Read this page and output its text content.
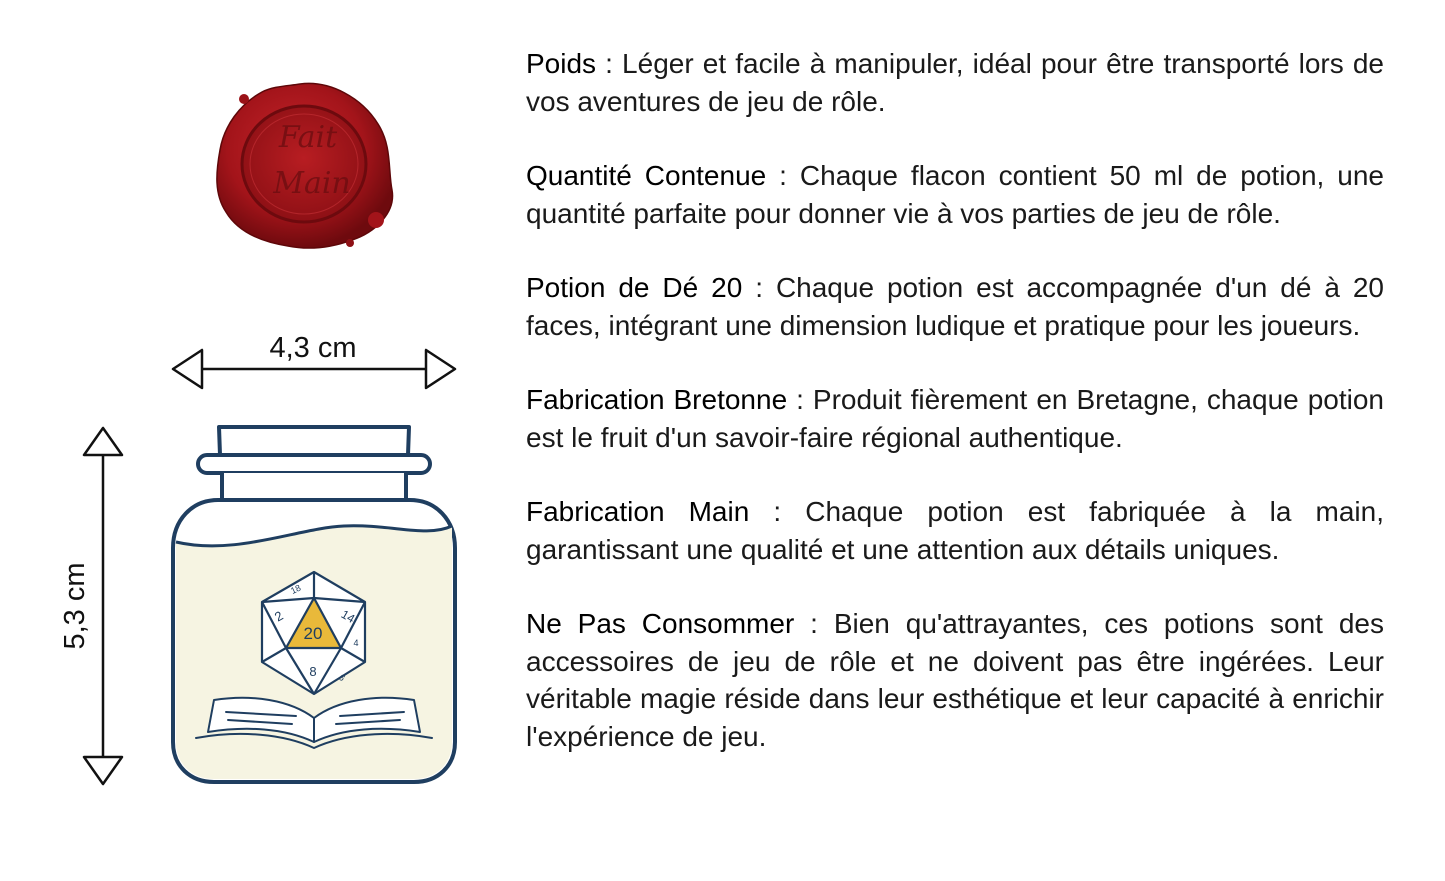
Fait
Main
4,3 cm
5,3 cm	20
2	14
8
18
6
4

Poids : Léger et facile à manipuler, idéal pour être transporté lors de vos aventures de jeu de rôle.

Quantité Contenue : Chaque flacon contient 50 ml de potion, une quantité parfaite pour donner vie à vos parties de jeu de rôle.

Potion de Dé 20 : Chaque potion est accompagnée d'un dé à 20 faces, intégrant une dimension ludique et pratique pour les joueurs.

Fabrication Bretonne : Produit fièrement en Bretagne, chaque potion est le fruit d'un savoir-faire régional authentique.

Fabrication Main : Chaque potion est fabriquée à la main, garantissant une qualité et une attention aux détails uniques.

Ne Pas Consommer : Bien qu'attrayantes, ces potions sont des accessoires de jeu de rôle et ne doivent pas être ingérées. Leur véritable magie réside dans leur esthétique et leur capacité à enrichir l'expérience de jeu.
